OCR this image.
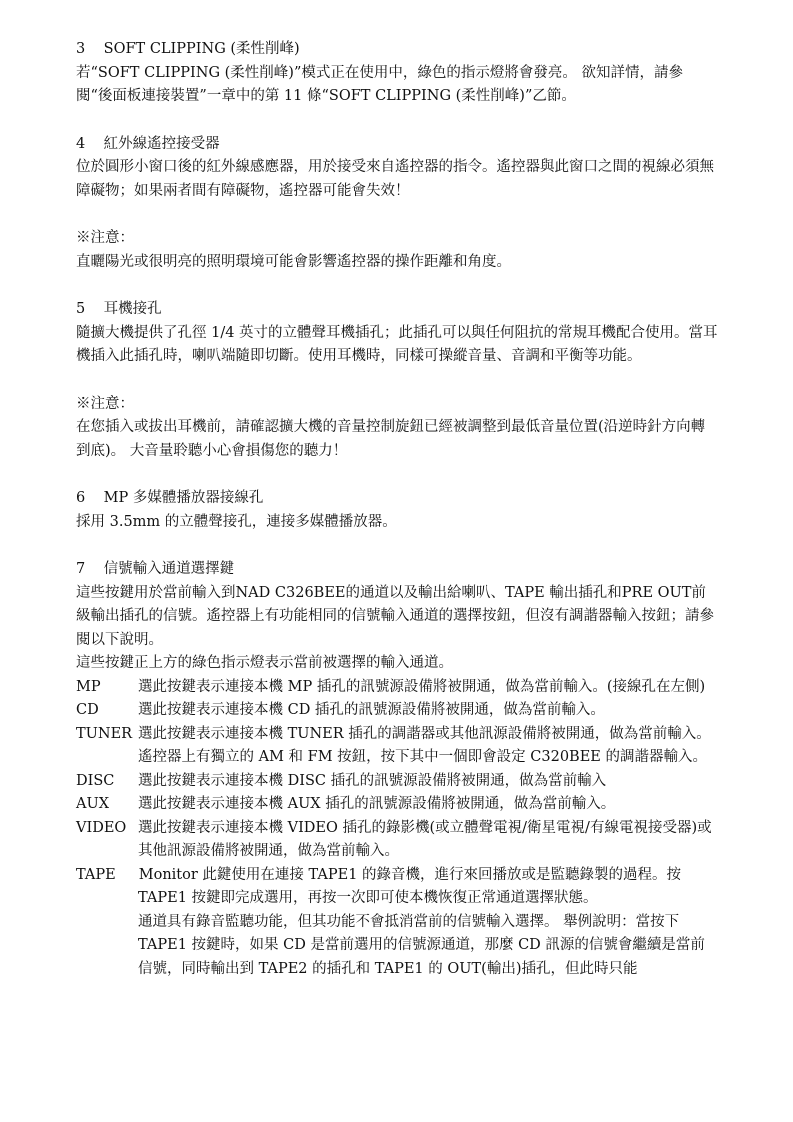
3 SOFT CLIPPING (柔性削峰)

若“SOFT CLIPPING (柔性削峰)”模式正在使用中，綠色的指示燈將會發亮。 欲知詳情，請參閱“後面板連接裝置”一章中的第 11 條“SOFT CLIPPING (柔性削峰)”乙節。

4 紅外線遙控接受器

位於圓形小窗口後的紅外線感應器，用於接受來自遙控器的指令。遙控器與此窗口之間的視線必須無障礙物；如果兩者間有障礙物，遙控器可能會失效！

※注意：

直曬陽光或很明亮的照明環境可能會影響遙控器的操作距離和角度。

5 耳機接孔

隨擴大機提供了孔徑 1/4 英寸的立體聲耳機插孔；此插孔可以與任何阻抗的常規耳機配合使用。當耳機插入此插孔時，喇叭端隨即切斷。使用耳機時，同樣可操縱音量、音調和平衡等功能。

※注意：

在您插入或拔出耳機前，請確認擴大機的音量控制旋鈕已經被調整到最低音量位置(沿逆時針方向轉到底)。 大音量聆聽小心會損傷您的聽力！

6 MP 多媒體播放器接線孔

採用 3.5mm 的立體聲接孔，連接多媒體播放器。

7 信號輸入通道選擇鍵

這些按鍵用於當前輸入到NAD C326BEE的通道以及輸出給喇叭、TAPE 輸出插孔和PRE OUT前級輸出插孔的信號。遙控器上有功能相同的信號輸入通道的選擇按鈕，但沒有調諧器輸入按鈕；請參閱以下說明。

這些按鍵正上方的綠色指示燈表示當前被選擇的輸入通道。

MP	選此按鍵表示連接本機 MP 插孔的訊號源設備將被開通，做為當前輸入。(接線孔在左側)
CD	選此按鍵表示連接本機 CD 插孔的訊號源設備將被開通，做為當前輸入。
TUNER 選此按鍵表示連接本機 TUNER 插孔的調諧器或其他訊源設備將被開通，做為當前輸入。遙控器上有獨立的 AM 和 FM 按鈕，按下其中一個即會設定 C320BEE 的調諧器輸入。
DISC	選此按鍵表示連接本機 DISC 插孔的訊號源設備將被開通，做為當前輸入
AUX	選此按鍵表示連接本機 AUX 插孔的訊號源設備將被開通，做為當前輸入。
VIDEO 選此按鍵表示連接本機 VIDEO 插孔的錄影機(或立體聲電視/衛星電視/有線電視接受器)或其他訊源設備將被開通，做為當前輸入。

TAPE Monitor 此鍵使用在連接 TAPE1 的錄音機，進行來回播放或是監聽錄製的過程。按

TAPE1 按鍵即完成選用，再按一次即可使本機恢復正常通道選擇狀態。

通道具有錄音監聽功能，但其功能不會抵消當前的信號輸入選擇。 舉例說明：當按下 TAPE1 按鍵時，如果 CD 是當前選用的信號源通道，那麼 CD 訊源的信號會繼續是當前信號，同時輸出到 TAPE2 的插孔和 TAPE1 的 OUT(輸出)插孔，但此時只能
